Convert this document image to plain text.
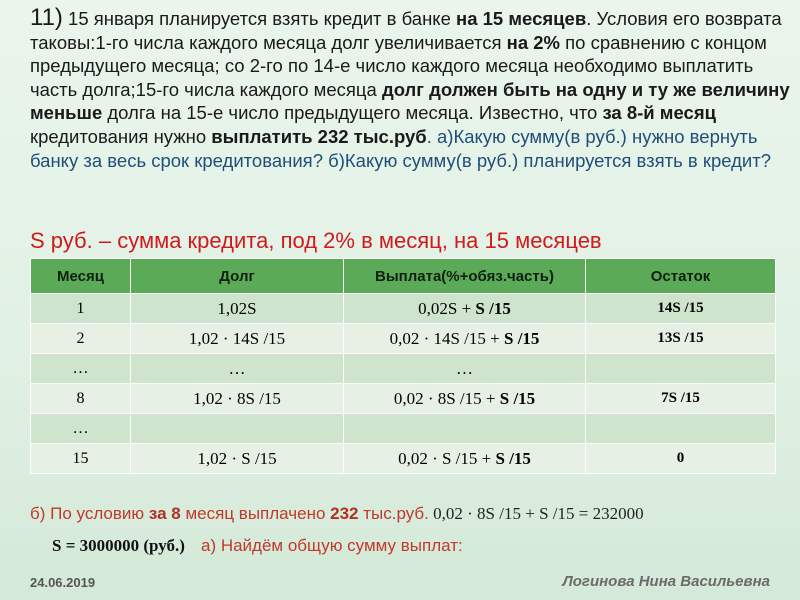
11) 15 января планируется взять кредит в банке на 15 месяцев. Условия его возврата таковы:1-го числа каждого месяца долг увеличивается на 2% по сравнению с концом предыдущего месяца; со 2-го по 14-е число каждого месяца необходимо выплатить часть долга;15-го числа каждого месяца долг должен быть на одну и ту же величину меньше долга на 15-е число предыдущего месяца. Известно, что за 8-й месяц кредитования нужно выплатить 232 тыс.руб. а)Какую сумму(в руб.) нужно вернуть банку за весь срок кредитования? б)Какую сумму(в руб.) планируется взять в кредит?
S руб. – сумма кредита, под 2% в месяц, на 15 месяцев
Месяц	Долг	Выплата(%+обяз.часть)	Остаток
1	1,02S	0,02S + S /15	14S /15
2	1,02 · 14S /15	0,02 · 14S /15 + S /15	13S /15
…	…	…	
8	1,02 · 8S /15	0,02 · 8S /15 + S /15	7S /15
…			
15	1,02 · S /15	0,02 · S /15 + S /15	0
б) По условию за 8 месяц выплачено 232 тыс.руб. 0,02 · 8S /15 + S /15 = 232000
S = 3000000 (руб.) а) Найдём общую сумму выплат:
24.06.2019	Логинова Нина Васильевна
